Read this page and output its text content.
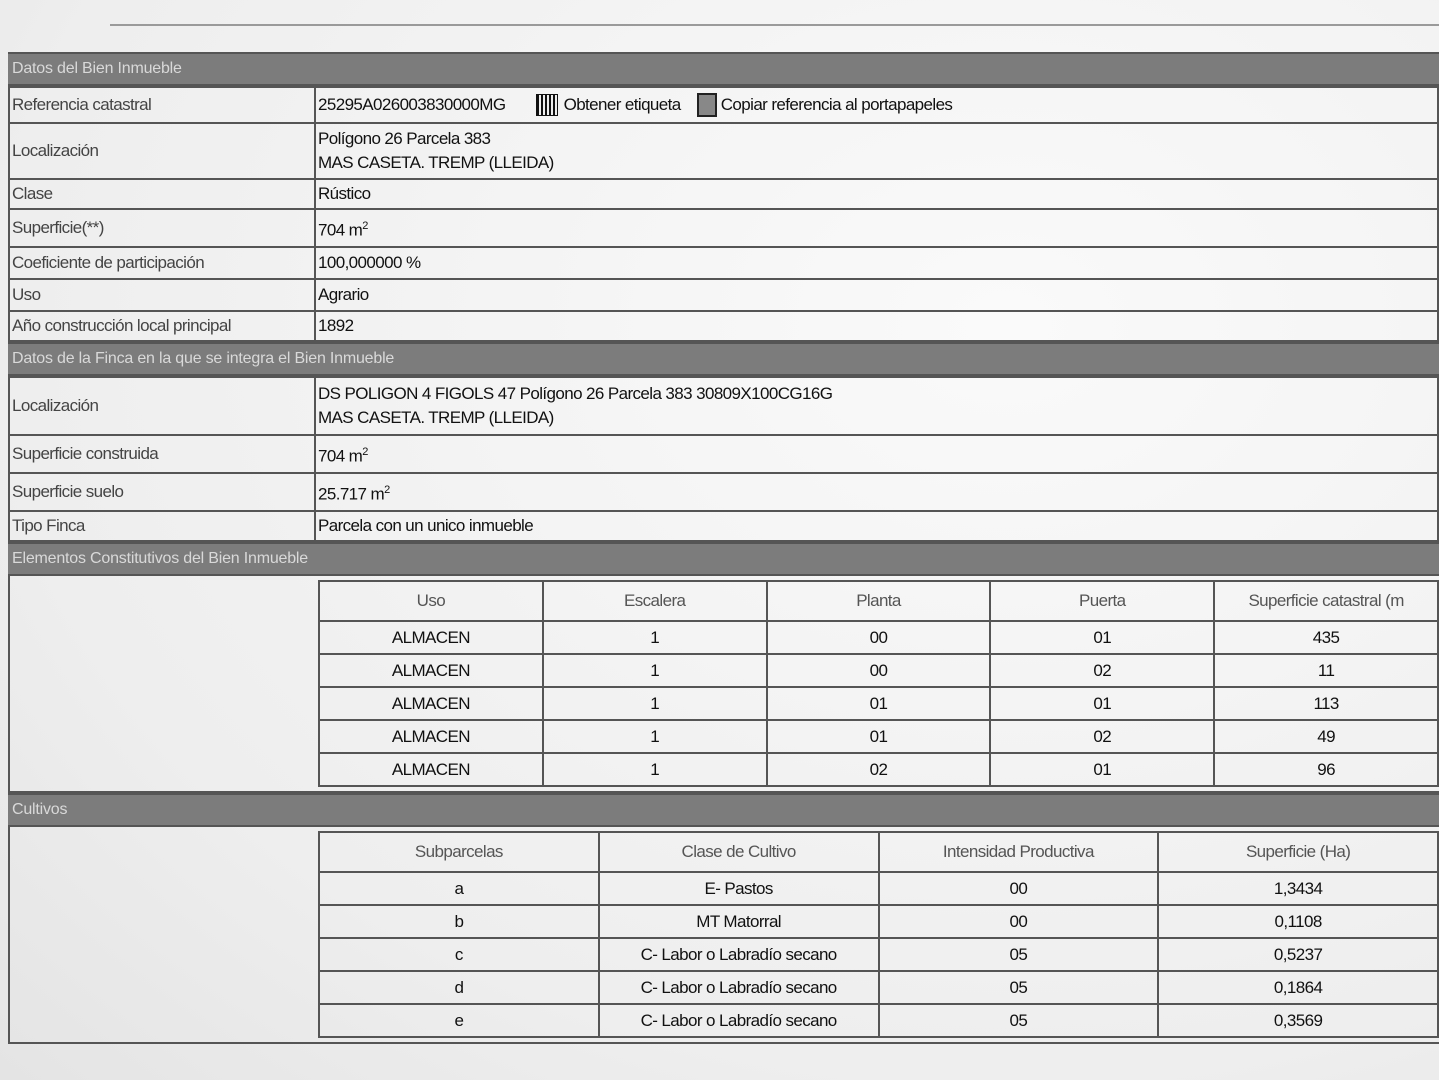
Datos del Bien Inmueble
Referencia catastral	25295A026003830000MG Obtener etiqueta Copiar referencia al portapapeles
Localización	Polígono 26 Parcela 383
MAS CASETA. TREMP (LLEIDA)

Clase	Rústico
Superficie(**)	704 $m^2$
Coeficiente de participación	100,000000 %
Uso	Agrario
Año construcción local principal	1892
Datos de la Finca en la que se integra el Bien Inmueble
Localización	DS POLIGON 4 FIGOLS 47 Polígono 26 Parcela 383 30809X100CG16G
MAS CASETA. TREMP (LLEIDA)

Superficie construida	704 $m^2$
Superficie suelo	25.717 $m^2$
Tipo Finca	Parcela con un unico inmueble
Elementos Constitutivos del Bien Inmueble
Uso	Escalera	Planta	Puerta	Superficie catastral (m
ALMACEN	1	00	01	435
ALMACEN	1	00	02	11
ALMACEN	1	01	01	113
ALMACEN	1	01	02	49
ALMACEN	1	02	01	96
Cultivos
Subparcelas	Clase de Cultivo	Intensidad Productiva	Superficie (Ha)
a	E- Pastos	00	1,3434
b	MT Matorral	00	0,1108
c	C- Labor o Labradío secano	05	0,5237
d	C- Labor o Labradío secano	05	0,1864
e	C- Labor o Labradío secano	05	0,3569
